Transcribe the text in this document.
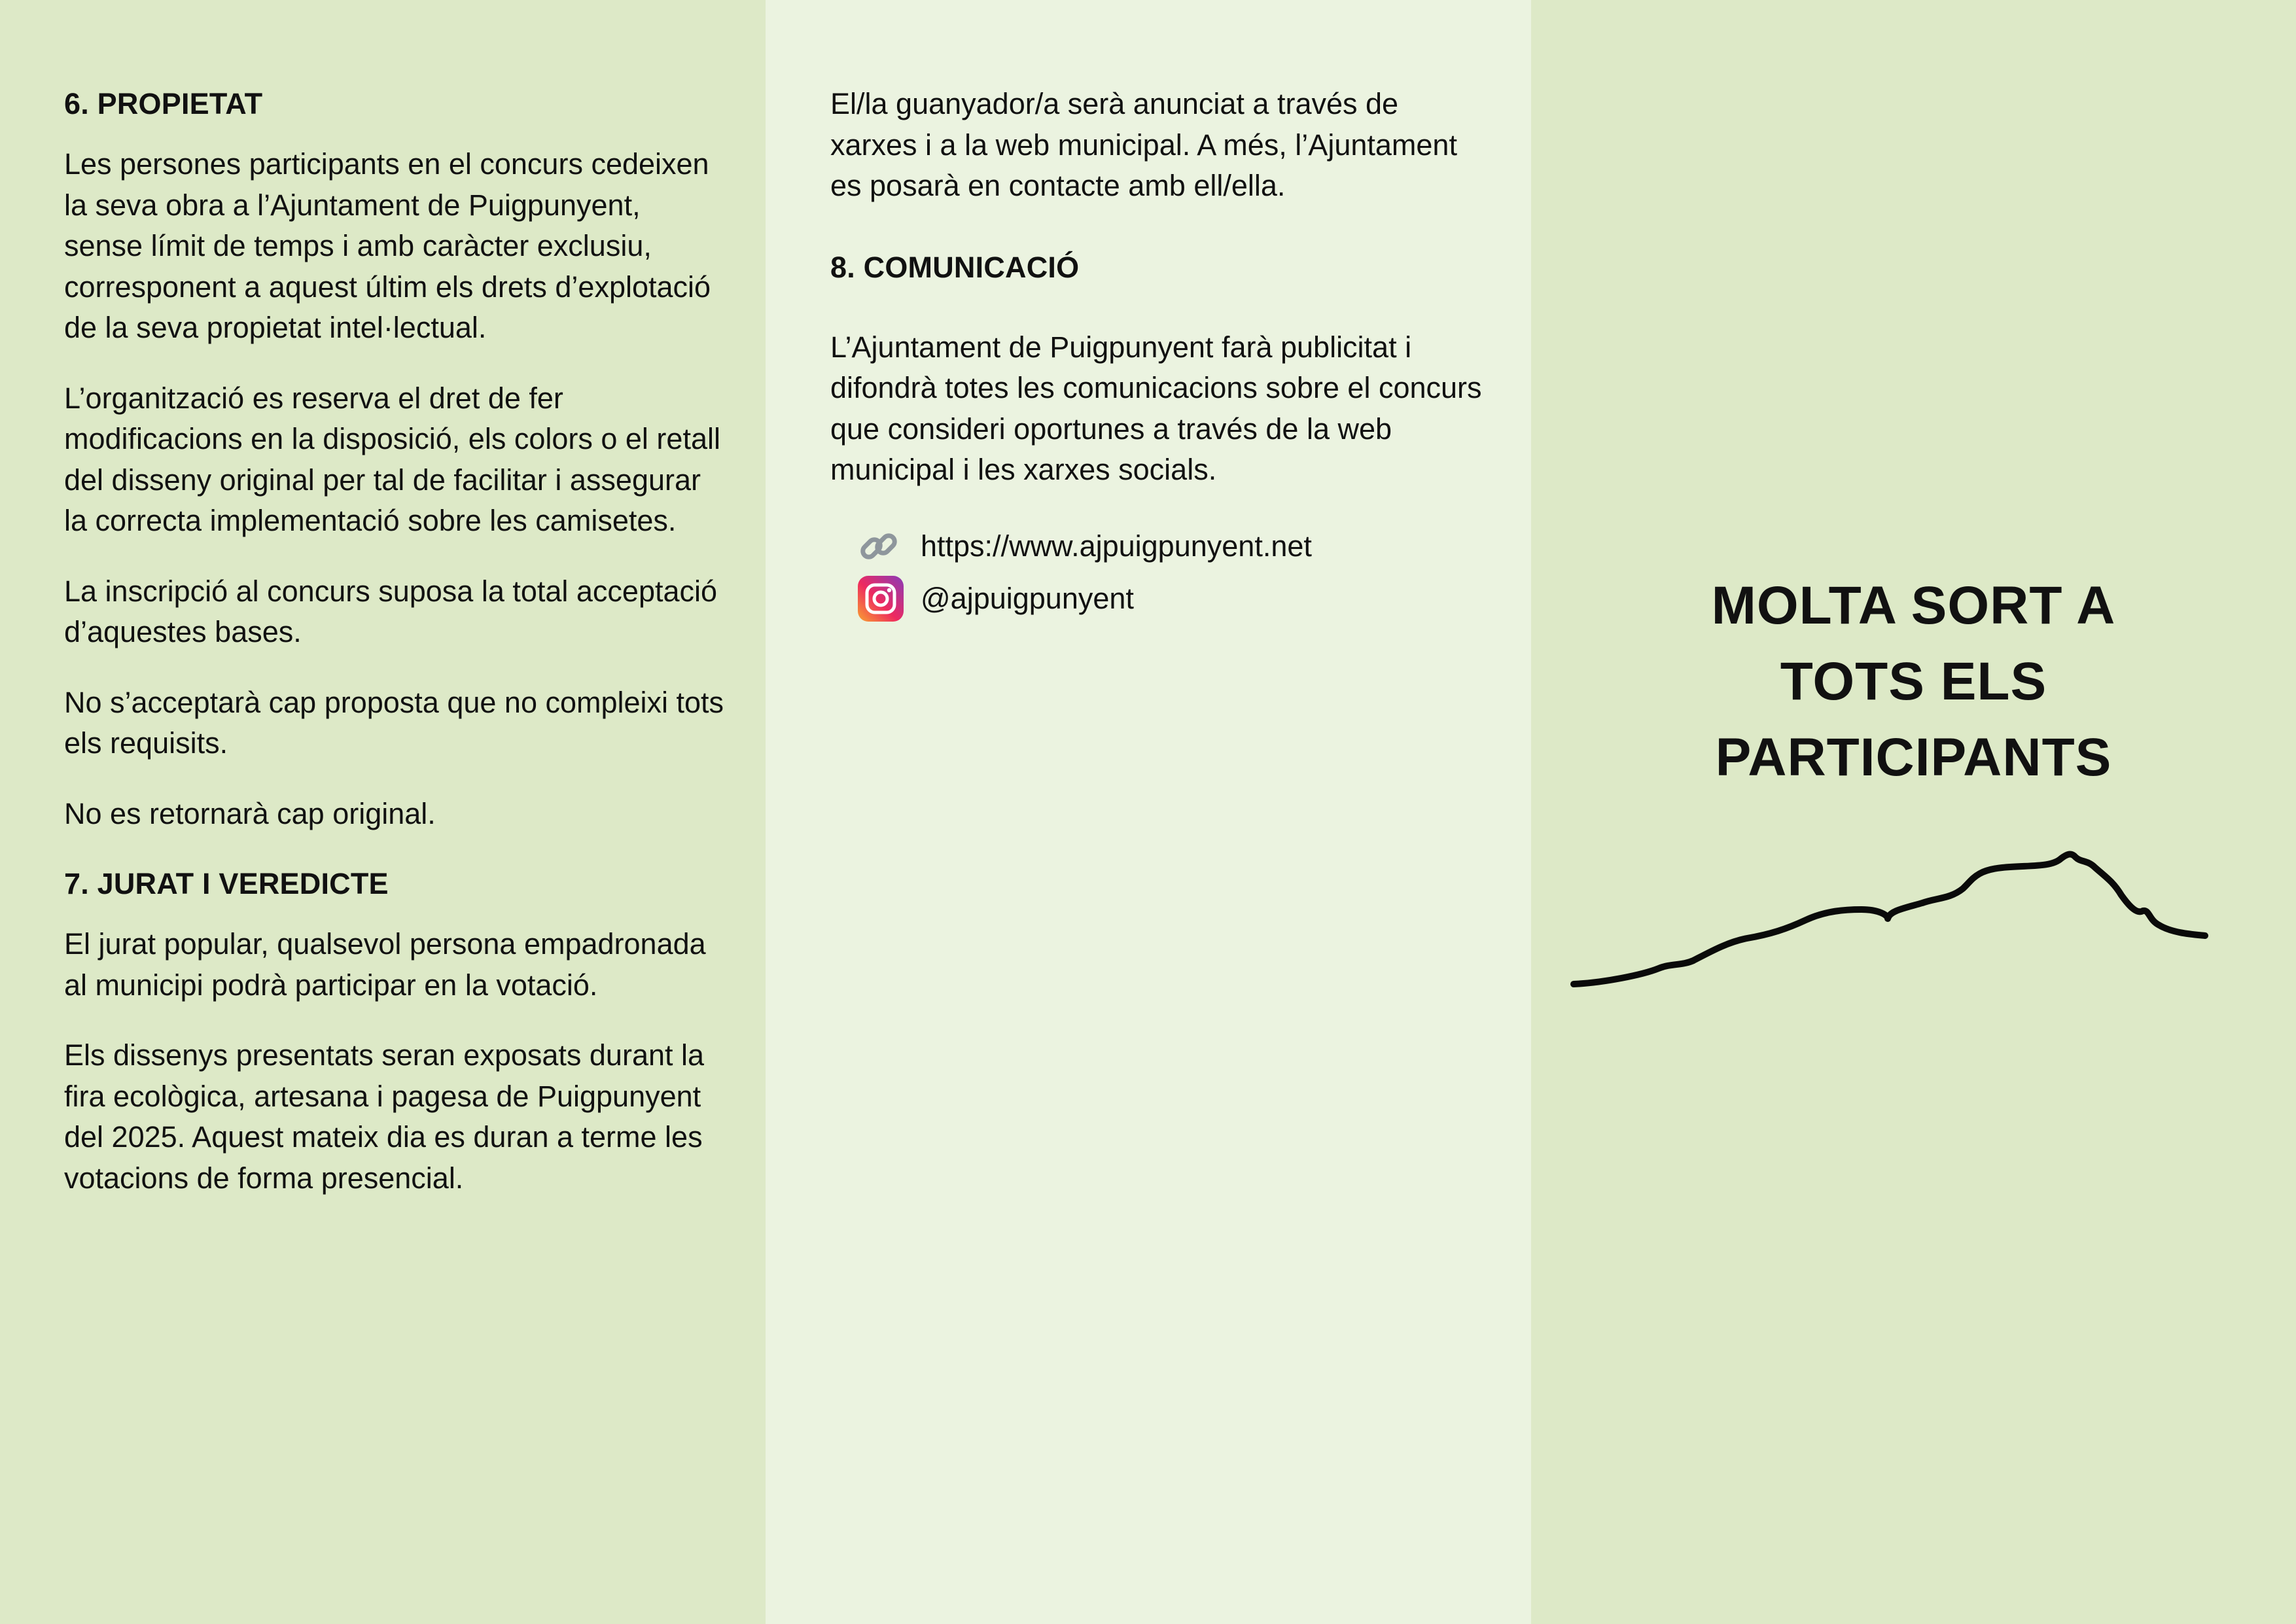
6. PROPIETAT

Les persones participants en el concurs cedeixen la seva obra a l’Ajuntament de Puigpunyent, sense límit de temps i amb caràcter exclusiu, corresponent a aquest últim els drets d’explotació de la seva propietat intel·lectual.

L’organització es reserva el dret de fer modificacions en la disposició, els colors o el retall del disseny original per tal de facilitar i assegurar la correcta implementació sobre les camisetes.

La inscripció al concurs suposa la total acceptació d’aquestes bases.

No s’acceptarà cap proposta que no compleixi tots els requisits.

No es retornarà cap original.

7. JURAT I VEREDICTE

El jurat popular, qualsevol persona empadronada al municipi podrà participar en la votació.

Els dissenys presentats seran exposats durant la fira ecològica, artesana i pagesa de Puigpunyent del 2025. Aquest mateix dia es duran a terme les votacions de forma presencial.

El/la guanyador/a serà anunciat a través de xarxes i a la web municipal. A més, l’Ajuntament es posarà en contacte amb ell/ella.

8. COMUNICACIÓ

L’Ajuntament de Puigpunyent farà publicitat i difondrà totes les comunicacions sobre el concurs que consideri oportunes a través de la web municipal i les xarxes socials.

https://www.ajpuigpunyent.net
@ajpuigpunyent	MOLTA SORT A
TOTS ELS
PARTICIPANTS
